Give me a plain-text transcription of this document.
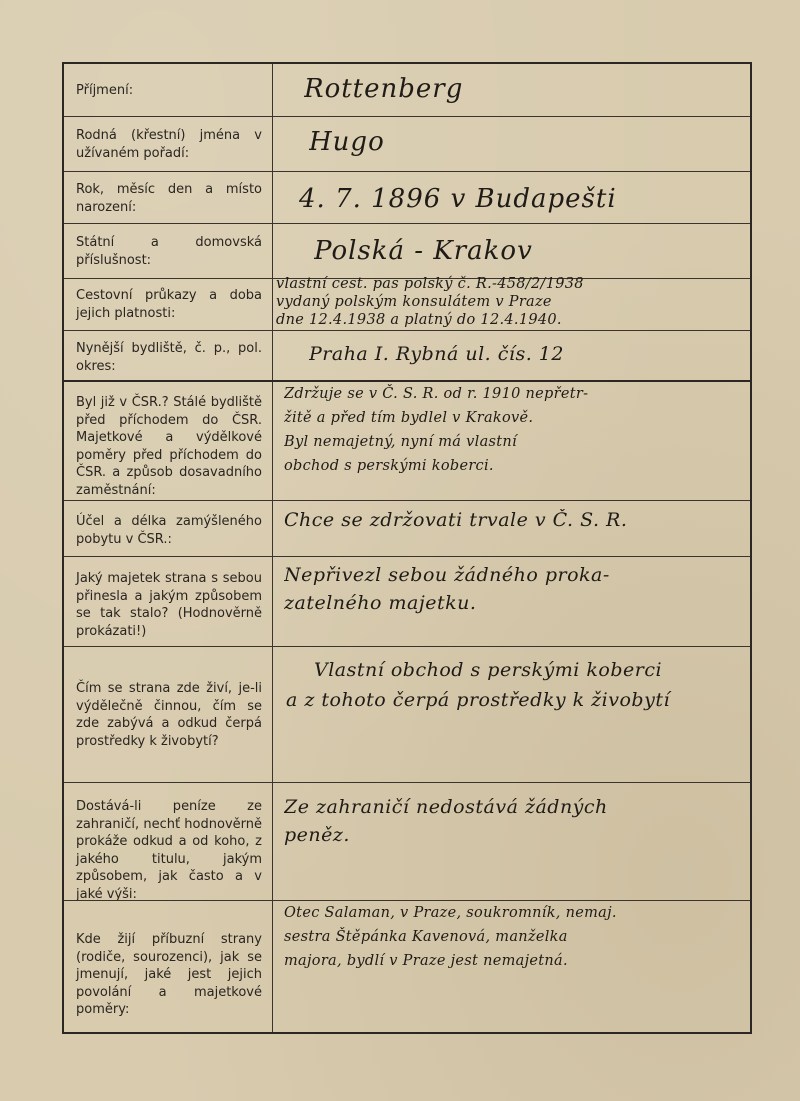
Příjmení:	Rottenberg
Rodná (křestní) jména v užívaném pořadí:	Hugo
Rok, měsíc den a místo narození:	4. 7. 1896 v Budapešti
Státní a domovská příslušnost:	Polská - Krakov
Cestovní průkazy a doba jejich platnosti:
vlastní cest. pas polský č. R.-458/2/1938
vydaný polským konsulátem v Praze
dne 12.4.1938 a platný do 12.4.1940.
Nynější bydliště, č. p., pol. okres:
Praha I. Rybná ul. čís. 12
Byl již v ČSR.? Stálé bydliště před příchodem do ČSR. Majetkové a výdělkové poměry před příchodem do ČSR. a způsob dosavadního zaměstnání:
Zdržuje se v Č. S. R. od r. 1910 nepřetr-
žitě a před tím bydlel v Krakově.
Byl nemajetný, nyní má vlastní
obchod s perskými koberci.
Účel a délka zamýšleného pobytu v ČSR.:
Chce se zdržovati trvale v Č. S. R.
Jaký majetek strana s sebou přinesla a jakým způsobem se tak stalo? (Hodnověrně prokázati!)
Nepřivezl sebou žádného proka-
zatelného majetku.
Čím se strana zde živí, je-li výdělečně činnou, čím se zde zabývá a odkud čerpá prostředky k živobytí?
Vlastní obchod s perskými koberci
a z tohoto čerpá prostředky k živobytí
Dostává-li peníze ze zahraničí, nechť hodnověrně prokáže odkud a od koho, z jakého titulu, jakým způsobem, jak často a v jaké výši:
Ze zahraničí nedostává žádných
peněz.
Kde žijí příbuzní strany (rodiče, sourozenci), jak se jmenují, jaké jest jejich povolání a majetkové poměry:
Otec Salaman, v Praze, soukromník, nemaj.
sestra Štěpánka Kavenová, manželka
majora, bydlí v Praze jest nemajetná.
